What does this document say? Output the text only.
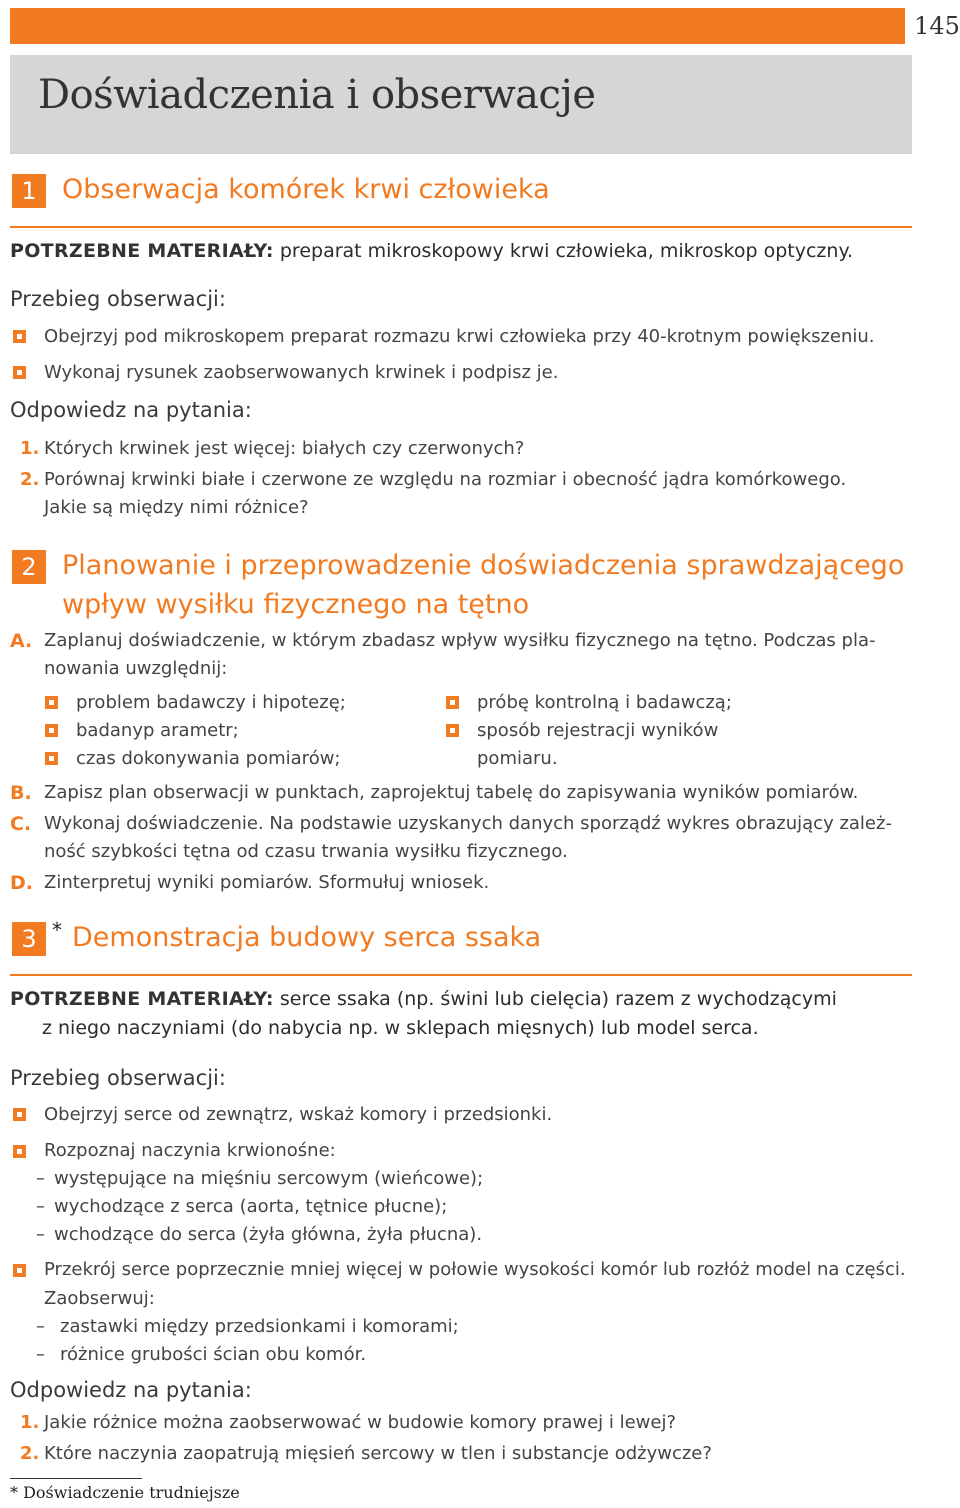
145
Doświadczenia i obserwacje
1 Obserwacja komórek krwi człowieka
POTRZEBNE MATERIAŁY: preparat mikroskopowy krwi człowieka, mikroskop optyczny.
Przebieg obserwacji:
Obejrzyj pod mikroskopem preparat rozmazu krwi człowieka przy 40-krotnym powiększeniu.
Wykonaj rysunek zaobserwowanych krwinek i podpisz je.
Odpowiedz na pytania:
1. Których krwinek jest więcej: białych czy czerwonych?
2. Porównaj krwinki białe i czerwone ze względu na rozmiar i obecność jądra komórkowego.
Jakie są między nimi różnice?
2 Planowanie i przeprowadzenie doświadczenia sprawdzającego
wpływ wysiłku fizycznego na tętno
A. Zaplanuj doświadczenie, w którym zbadasz wpływ wysiłku fizycznego na tętno. Podczas pla-
nowania uwzględnij:
problem badawczy i hipotezę;
badanyp arametr;
czas dokonywania pomiarów;
próbę kontrolną i badawczą;
sposób rejestracji wyników
pomiaru.
B. Zapisz plan obserwacji w punktach, zaprojektuj tabelę do zapisywania wyników pomiarów.
C. Wykonaj doświadczenie. Na podstawie uzyskanych danych sporządź wykres obrazujący zależ-
ność szybkości tętna od czasu trwania wysiłku fizycznego.
D. Zinterpretuj wyniki pomiarów. Sformułuj wniosek.
3 * Demonstracja budowy serca ssaka
POTRZEBNE MATERIAŁY: serce ssaka (np. świni lub cielęcia) razem z wychodzącymi
z niego naczyniami (do nabycia np. w sklepach mięsnych) lub model serca.
Przebieg obserwacji:
Obejrzyj serce od zewnątrz, wskaż komory i przedsionki.
Rozpoznaj naczynia krwionośne:
– występujące na mięśniu sercowym (wieńcowe);
– wychodzące z serca (aorta, tętnice płucne);
– wchodzące do serca (żyła główna, żyła płucna).
Przekrój serce poprzecznie mniej więcej w połowie wysokości komór lub rozłóż model na części.
Zaobserwuj:
– zastawki między przedsionkami i komorami;
– różnice grubości ścian obu komór.
Odpowiedz na pytania:
1. Jakie różnice można zaobserwować w budowie komory prawej i lewej?
2. Które naczynia zaopatrują mięsień sercowy w tlen i substancje odżywcze?
* Doświadczenie trudniejsze
